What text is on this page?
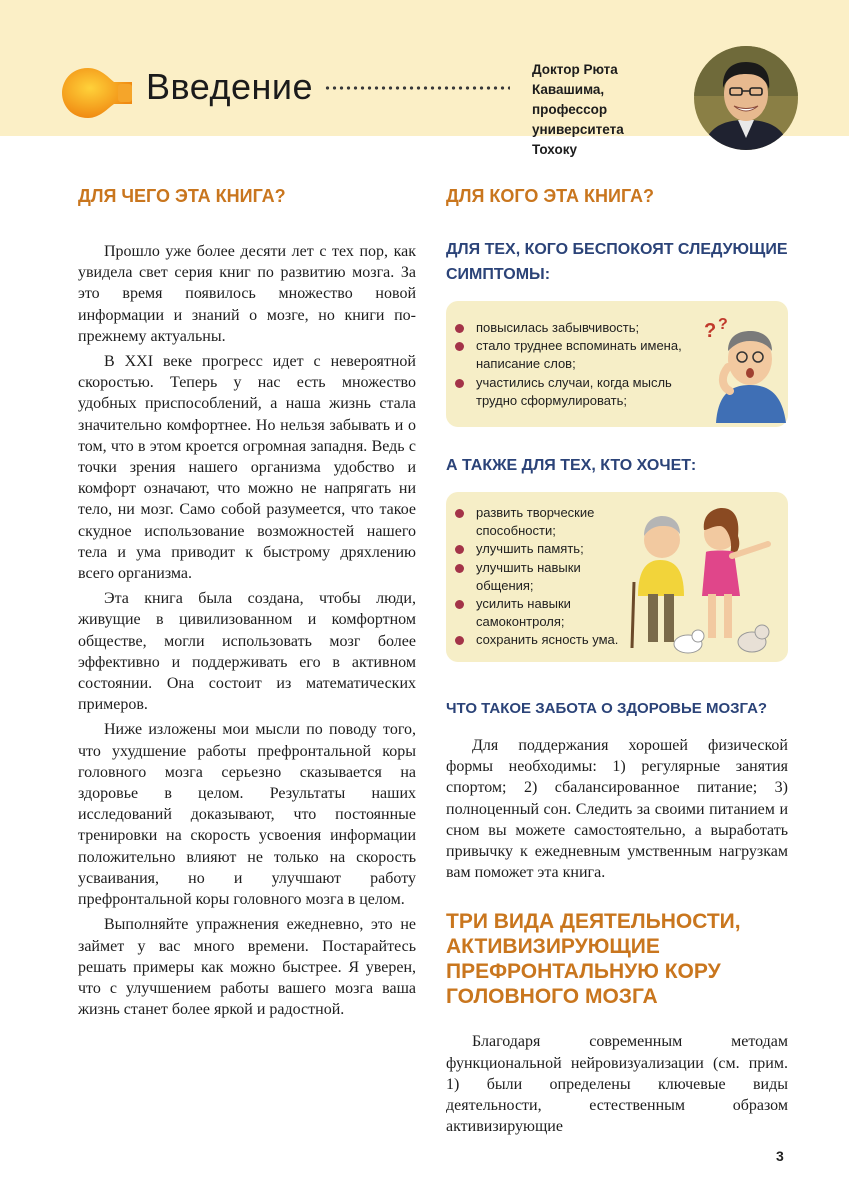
Введение	Доктор Рюта Кавашима,
профессор университета
Тохоку
ДЛЯ ЧЕГО ЭТА КНИГА?

Прошло уже более десяти лет с тех пор, как увидела свет серия книг по развитию мозга. За это время появилось множество новой информации и знаний о мозге, но книги по-прежнему актуальны.

В XXI веке прогресс идет с невероятной скоростью. Теперь у нас есть множество удобных приспособлений, а наша жизнь стала значительно комфортнее. Но нельзя забывать и о том, что в этом кроется огромная западня. Ведь с точки зрения нашего организма удобство и комфорт означают, что можно не напрягать ни тело, ни мозг. Само собой разумеется, что такое скудное использование возможностей нашего тела и ума приводит к быстрому дряхлению всего организма.

Эта книга была создана, чтобы люди, живущие в цивилизованном и комфортном обществе, могли использовать мозг более эффективно и поддерживать его в активном состоянии. Она состоит из математических примеров.

Ниже изложены мои мысли по поводу того, что ухудшение работы префронтальной коры головного мозга серьезно сказывается на здоровье в целом. Результаты наших исследований доказывают, что постоянные тренировки на скорость усвоения информации положительно влияют не только на скорость усваивания, но и улучшают работу префронтальной коры головного мозга в целом.

Выполняйте упражнения ежедневно, это не займет у вас много времени. Постарайтесь решать примеры как можно быстрее. Я уверен, что с улучшением работы вашего мозга ваша жизнь станет более яркой и радостной.

ДЛЯ КОГО ЭТА КНИГА?
ДЛЯ ТЕХ, КОГО БЕСПОКОЯТ СЛЕДУЮЩИЕ СИМПТОМЫ:
повысилась забывчивость;
стало труднее вспоминать имена, написание слов;
участились случаи, когда мысль трудно сформулировать;
? ?
А ТАКЖЕ ДЛЯ ТЕХ, КТО ХОЧЕТ:
развить творческие способности;
улучшить память;
улучшить навыки общения;
усилить навыки самоконтроля;
сохранить ясность ума.
ЧТО ТАКОЕ ЗАБОТА О ЗДОРОВЬЕ МОЗГА?

Для поддержания хорошей физической формы необходимы: 1) регулярные занятия спортом; 2) сбалансированное питание; 3) полноценный сон. Следить за своими питанием и сном вы можете самостоятельно, а выработать привычку к ежедневным умственным нагрузкам вам поможет эта книга.

ТРИ ВИДА ДЕЯТЕЛЬНОСТИ,
АКТИВИЗИРУЮЩИЕ
ПРЕФРОНТАЛЬНУЮ КОРУ
ГОЛОВНОГО МОЗГА

Благодаря современным методам функциональной нейровизуализации (см. прим. 1) были определены ключевые виды деятельности, естественным образом активизирующие

3
